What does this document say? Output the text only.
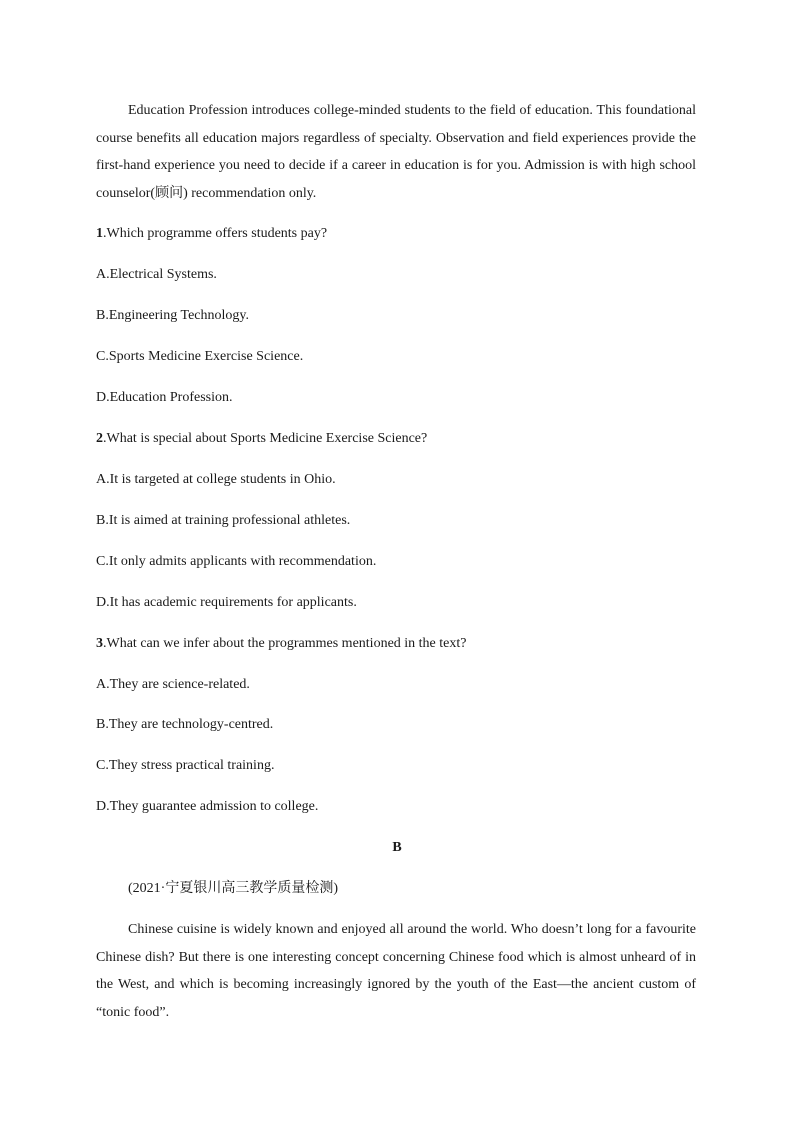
Education Profession introduces college-minded students to the field of education. This foundational course benefits all education majors regardless of specialty. Observation and field experiences provide the first-hand experience you need to decide if a career in education is for you. Admission is with high school counselor(顾问) recommendation only.

1.Which programme offers students pay?

A.Electrical Systems.

B.Engineering Technology.

C.Sports Medicine Exercise Science.

D.Education Profession.

2.What is special about Sports Medicine Exercise Science?

A.It is targeted at college students in Ohio.

B.It is aimed at training professional athletes.

C.It only admits applicants with recommendation.

D.It has academic requirements for applicants.

3.What can we infer about the programmes mentioned in the text?

A.They are science-related.

B.They are technology-centred.

C.They stress practical training.

D.They guarantee admission to college.

B
(2021·宁夏银川高三教学质量检测)

Chinese cuisine is widely known and enjoyed all around the world. Who doesn’t long for a favourite Chinese dish? But there is one interesting concept concerning Chinese food which is almost unheard of in the West, and which is becoming increasingly ignored by the youth of the East—the ancient custom of “tonic food”.
